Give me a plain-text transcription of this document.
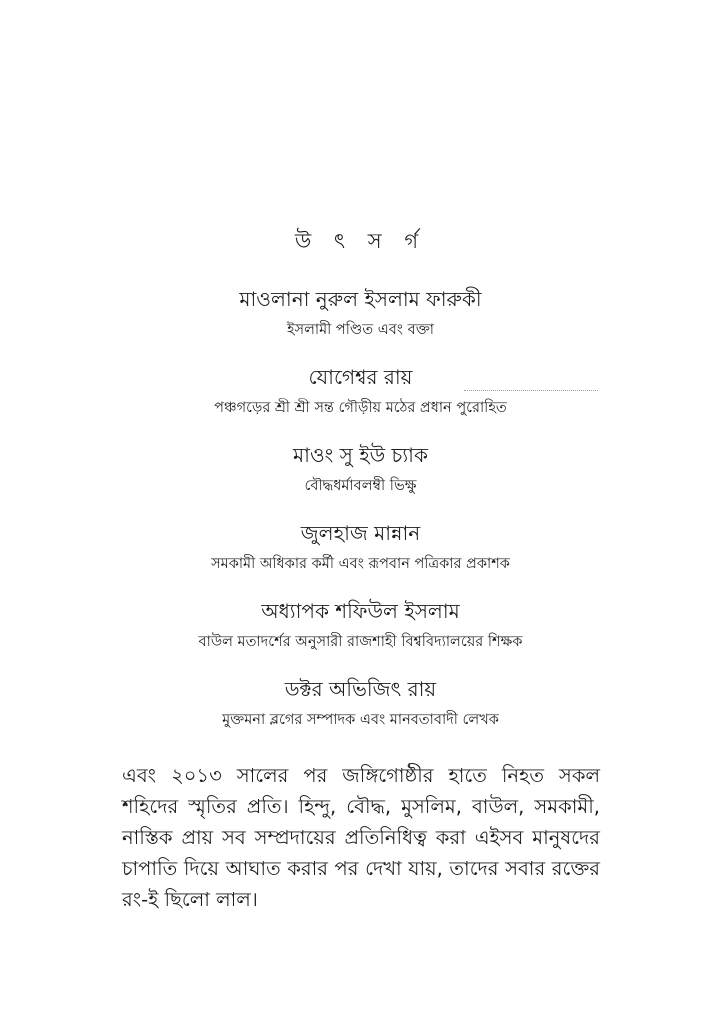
উ ৎ স র্গ
মাওলানা নুরুল ইসলাম ফারুকী
ইসলামী পণ্ডিত এবং বক্তা
যোগেশ্বর রায়
পঞ্চগড়ের শ্রী শ্রী সন্ত গৌড়ীয় মঠের প্রধান পুরোহিত
মাওং সু ইউ চ্যাক
বৌদ্ধধর্মাবলম্বী ভিক্ষু
জুলহাজ মান্নান
সমকামী অধিকার কর্মী এবং রূপবান পত্রিকার প্রকাশক
অধ্যাপক শফিউল ইসলাম
বাউল মতাদর্শের অনুসারী রাজশাহী বিশ্ববিদ্যালয়ের শিক্ষক
ডক্টর অভিজিৎ রায়
মুক্তমনা ব্লগের সম্পাদক এবং মানবতাবাদী লেখক
এবং ২০১৩ সালের পর জঙ্গিগোষ্ঠীর হাতে নিহত সকল শহিদের স্মৃতির প্রতি। হিন্দু, বৌদ্ধ, মুসলিম, বাউল, সমকামী, নাস্তিক প্রায় সব সম্প্রদায়ের প্রতিনিধিত্ব করা এইসব মানুষদের চাপাতি দিয়ে আঘাত করার পর দেখা যায়, তাদের সবার রক্তের রং-ই ছিলো লাল।
